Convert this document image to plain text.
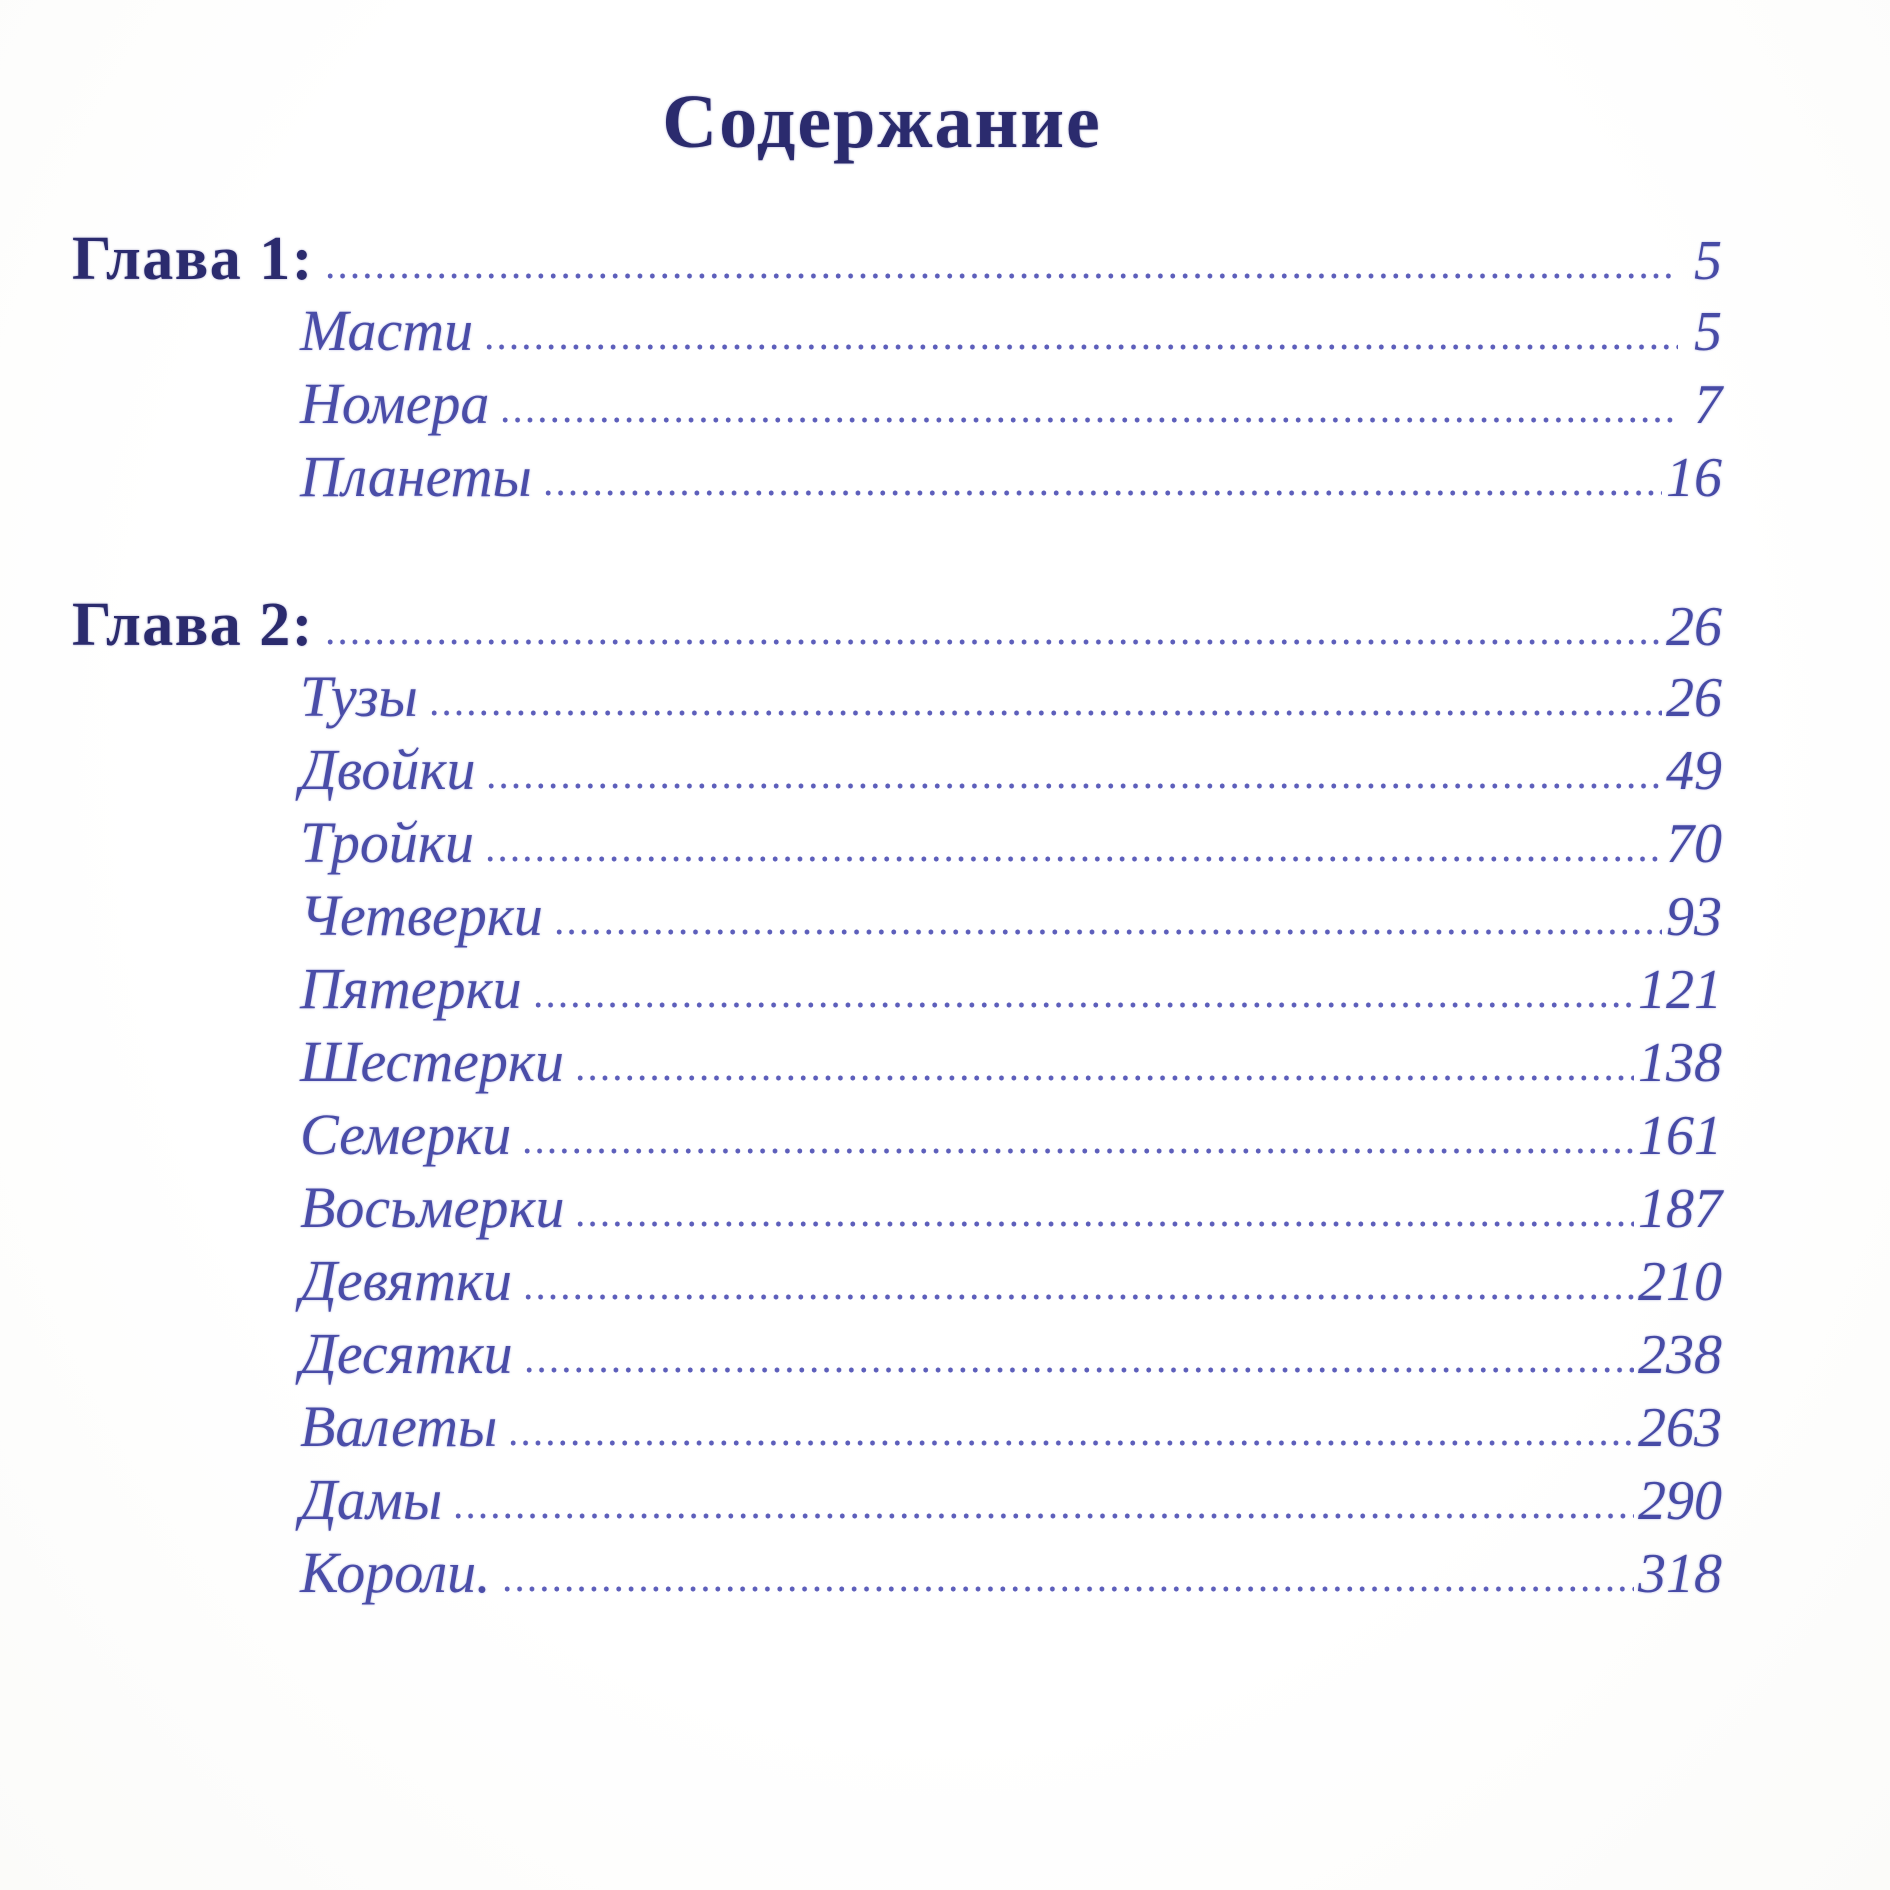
Содержание
Глава 1:	5
Масти	5
Номера	7
Планеты	16
Глава 2:	26
Тузы	26
Двойки	49
Тройки	70
Четверки	93
Пятерки	121
Шестерки	138
Семерки	161
Восьмерки	187
Девятки	210
Десятки	238
Валеты	263
Дамы	290
Короли.	318
